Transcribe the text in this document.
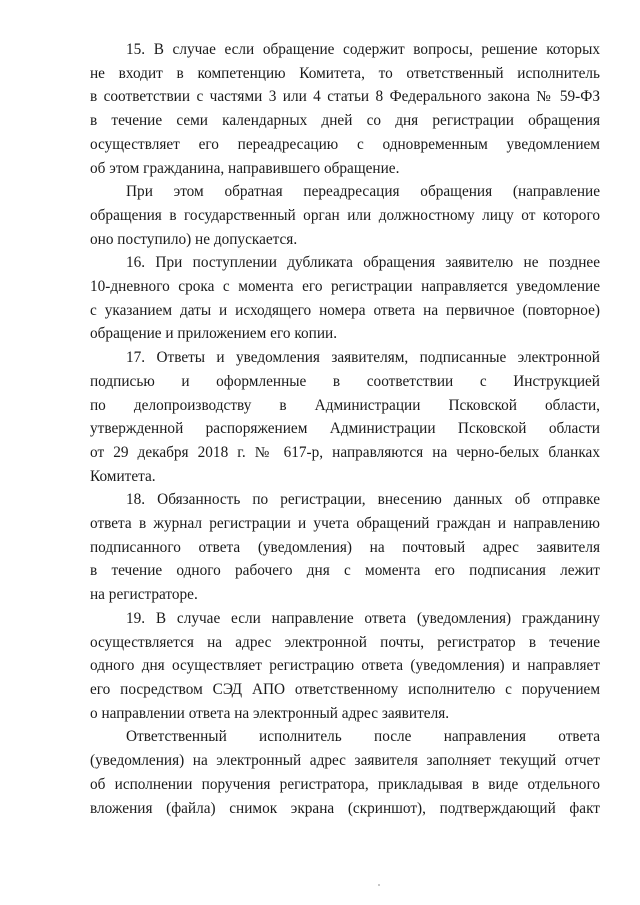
15. В случае если обращение содержит вопросы, решение которых
не входит в компетенцию Комитета, то ответственный исполнитель
в соответствии с частями 3 или 4 статьи 8 Федерального закона № 59-ФЗ
в течение семи календарных дней со дня регистрации обращения
осуществляет его переадресацию с одновременным уведомлением
об этом гражданина, направившего обращение.
При этом обратная переадресация обращения (направление
обращения в государственный орган или должностному лицу от которого
оно поступило) не допускается.
16. При поступлении дубликата обращения заявителю не позднее
10-дневного срока с момента его регистрации направляется уведомление
с указанием даты и исходящего номера ответа на первичное (повторное)
обращение и приложением его копии.
17. Ответы и уведомления заявителям, подписанные электронной
подписью и оформленные в соответствии с Инструкцией
по делопроизводству в Администрации Псковской области,
утвержденной распоряжением Администрации Псковской области
от 29 декабря 2018 г. № 617-р, направляются на черно-белых бланках
Комитета.
18. Обязанность по регистрации, внесению данных об отправке
ответа в журнал регистрации и учета обращений граждан и направлению
подписанного ответа (уведомления) на почтовый адрес заявителя
в течение одного рабочего дня с момента его подписания лежит
на регистраторе.
19. В случае если направление ответа (уведомления) гражданину
осуществляется на адрес электронной почты, регистратор в течение
одного дня осуществляет регистрацию ответа (уведомления) и направляет
его посредством СЭД АПО ответственному исполнителю с поручением
о направлении ответа на электронный адрес заявителя.
Ответственный исполнитель после направления ответа
(уведомления) на электронный адрес заявителя заполняет текущий отчет
об исполнении поручения регистратора, прикладывая в виде отдельного
вложения (файла) снимок экрана (скриншот), подтверждающий факт
